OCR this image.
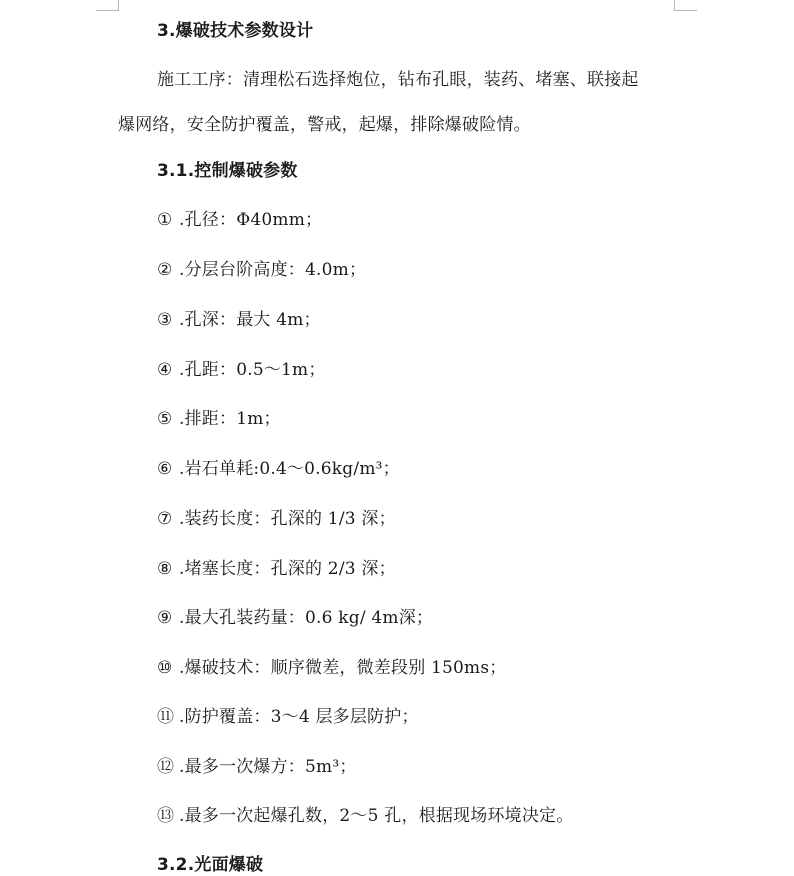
3.爆破技术参数设计
施工工序：清理松石选择炮位，钻布孔眼，装药、堵塞、联接起
爆网络，安全防护覆盖，警戒，起爆，排除爆破险情。
3.1.控制爆破参数
① .孔径：Φ40mm；
② .分层台阶高度：4.0m；
③ .孔深：最大 4m；
④ .孔距：0.5～1m；
⑤ .排距：1m；
⑥ .岩石单耗:0.4～0.6kg/m³；
⑦ .装药长度：孔深的 1/3 深；
⑧ .堵塞长度：孔深的 2/3 深；
⑨ .最大孔装药量：0.6 kg/ 4m深；
⑩ .爆破技术：顺序微差，微差段别 150ms；
⑪ .防护覆盖：3～4 层多层防护；
⑫ .最多一次爆方：5m³；
⑬ .最多一次起爆孔数，2～5 孔，根据现场环境决定。
3.2.光面爆破
